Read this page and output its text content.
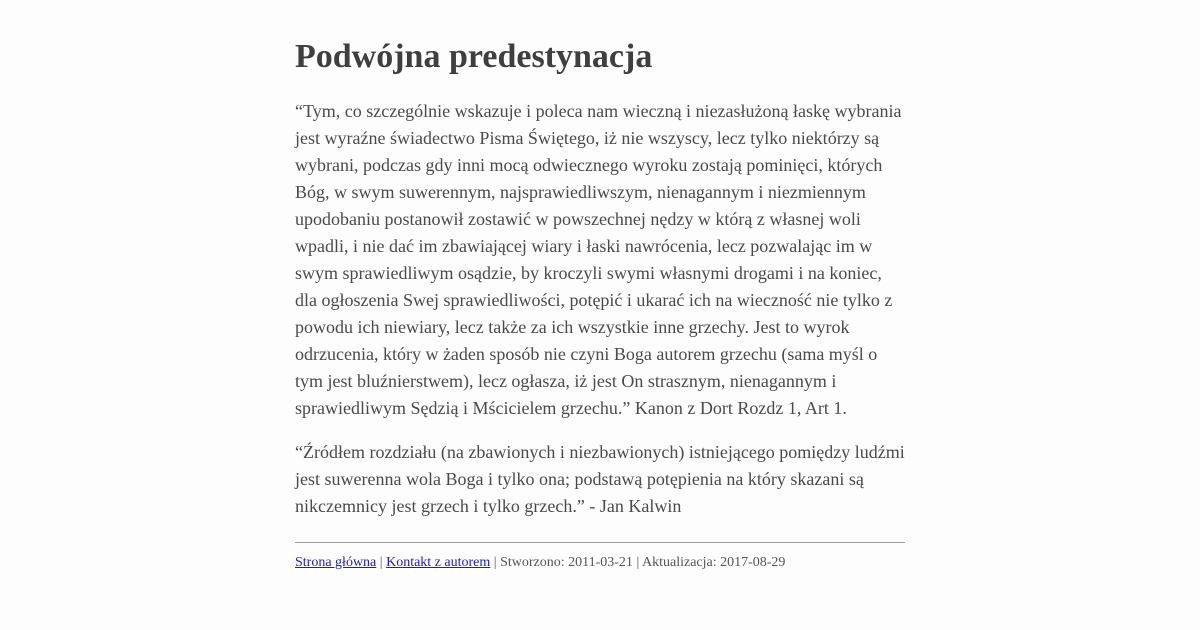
Podwójna predestynacja

“Tym, co szczególnie wskazuje i poleca nam wieczną i niezasłużoną łaskę wybrania jest wyraźne świadectwo Pisma Świętego, iż nie wszyscy, lecz tylko niektórzy są wybrani, podczas gdy inni mocą odwiecznego wyroku zostają pominięci, których Bóg, w swym suwerennym, najsprawiedliwszym, nienagannym i niezmiennym upodobaniu postanowił zostawić w powszechnej nędzy w którą z własnej woli wpadli, i nie dać im zbawiającej wiary i łaski nawrócenia, lecz pozwalając im w swym sprawiedliwym osądzie, by kroczyli swymi własnymi drogami i na koniec, dla ogłoszenia Swej sprawiedliwości, potępić i ukarać ich na wieczność nie tylko z powodu ich niewiary, lecz także za ich wszystkie inne grzechy. Jest to wyrok odrzucenia, który w żaden sposób nie czyni Boga autorem grzechu (sama myśl o tym jest bluźnierstwem), lecz ogłasza, iż jest On strasznym, nienagannym i sprawiedliwym Sędzią i Mścicielem grzechu.” Kanon z Dort Rozdz 1, Art 1.

“Źródłem rozdziału (na zbawionych i niezbawionych) istniejącego pomiędzy ludźmi jest suwerenna wola Boga i tylko ona; podstawą potępienia na który skazani są nikczemnicy jest grzech i tylko grzech.” - Jan Kalwin

Strona główna | Kontakt z autorem | Stworzono: 2011-03-21 | Aktualizacja: 2017-08-29
